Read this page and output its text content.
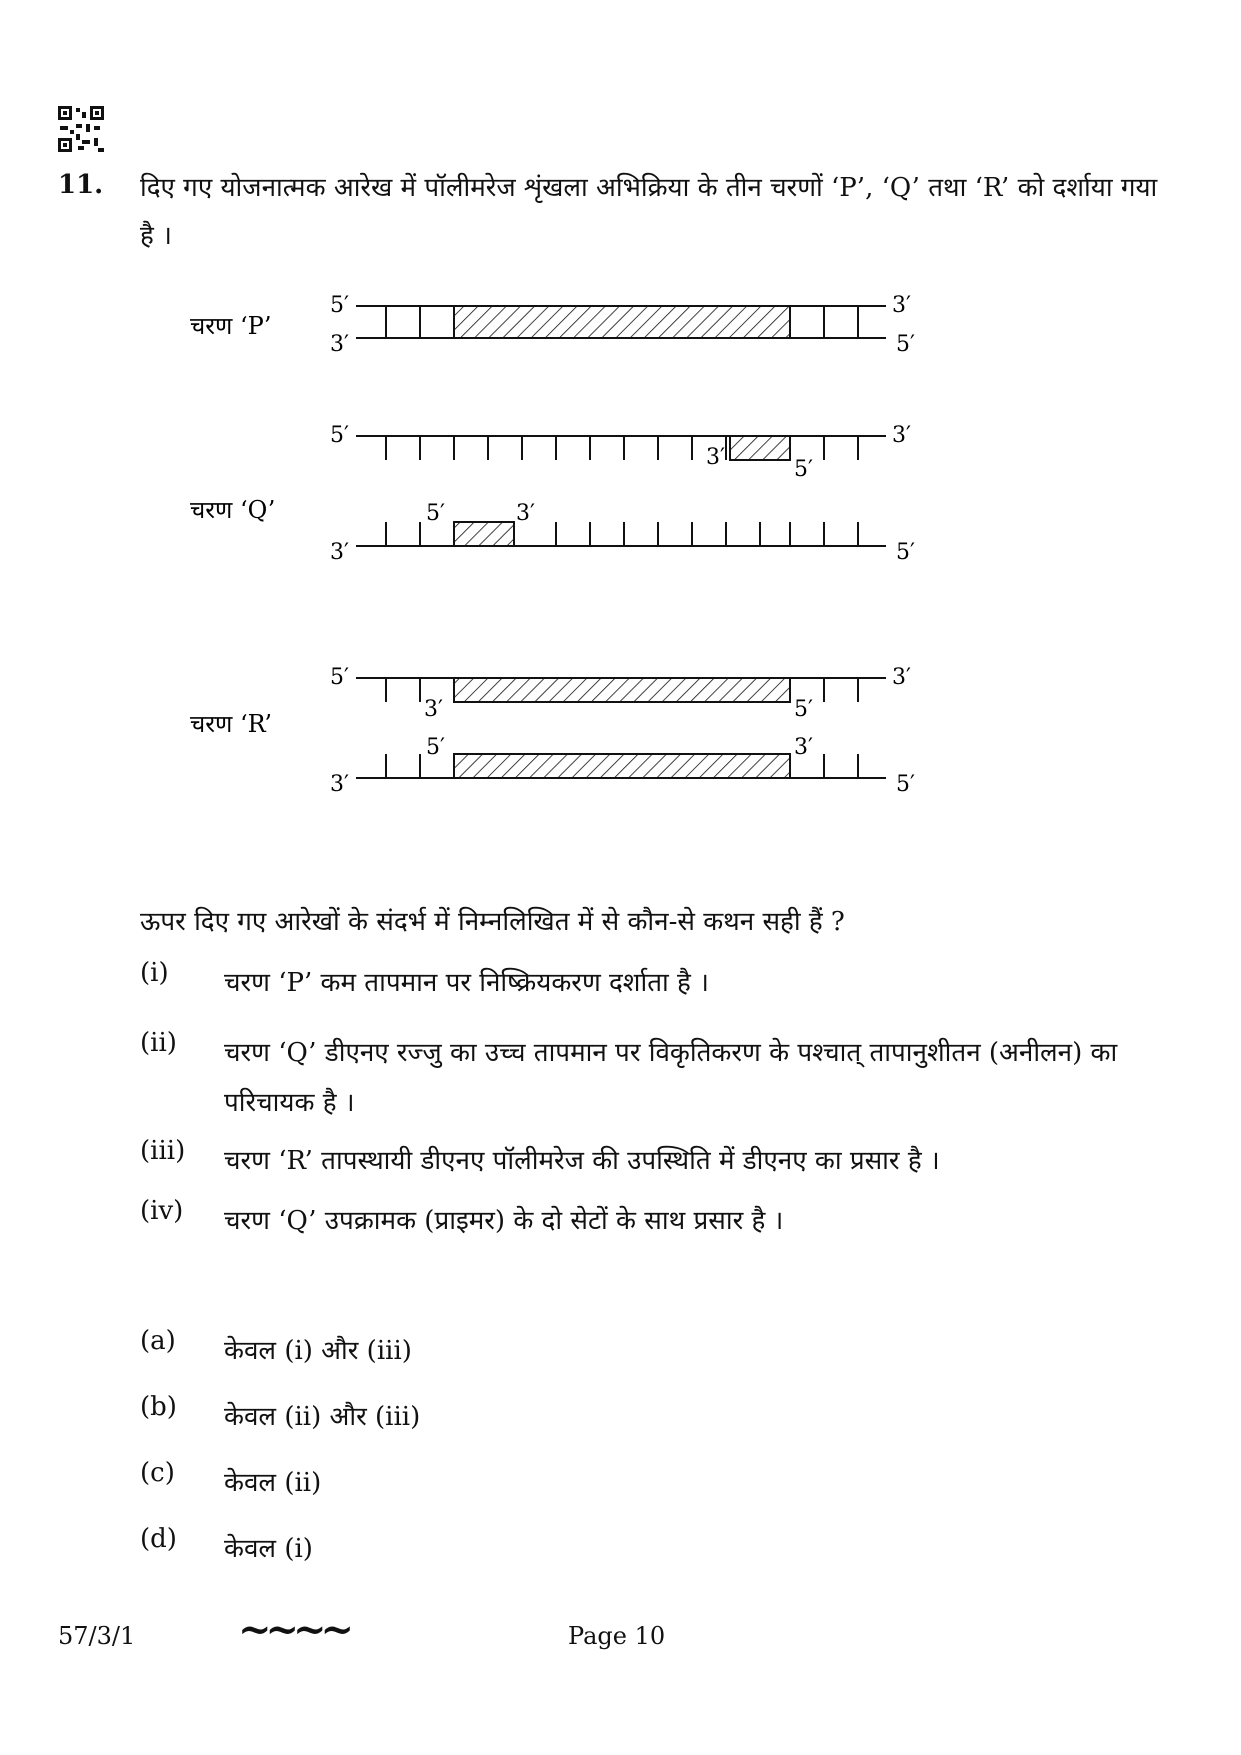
11. दिए गए योजनात्मक आरेख में पॉलीमरेज शृंखला अभिक्रिया के तीन चरणों ‘P’, ‘Q’ तथा ‘R’ को दर्शाया गया है ।
चरण ‘P’
चरण ‘Q’
चरण ‘R’
5′
3′
3′
5′
5′	3′
3′	5′
3′	5′
5′	3′
5′	3′
3′	5′
3′	5′
5′	3′
ऊपर दिए गए आरेखों के संदर्भ में निम्नलिखित में से कौन-से कथन सही हैं ?
(i) चरण ‘P’ कम तापमान पर निष्क्रियकरण दर्शाता है ।
(ii) चरण ‘Q’ डीएनए रज्जु का उच्च तापमान पर विकृतिकरण के पश्चात् तापानुशीतन (अनीलन) का परिचायक है ।
(iii) चरण ‘R’ तापस्थायी डीएनए पॉलीमरेज की उपस्थिति में डीएनए का प्रसार है ।
(iv) चरण ‘Q’ उपक्रामक (प्राइमर) के दो सेटों के साथ प्रसार है ।
(a) केवल (i) और (iii)
(b) केवल (ii) और (iii)
(c) केवल (ii)
(d) केवल (i)
57/3/1	~~~~	Page 10
